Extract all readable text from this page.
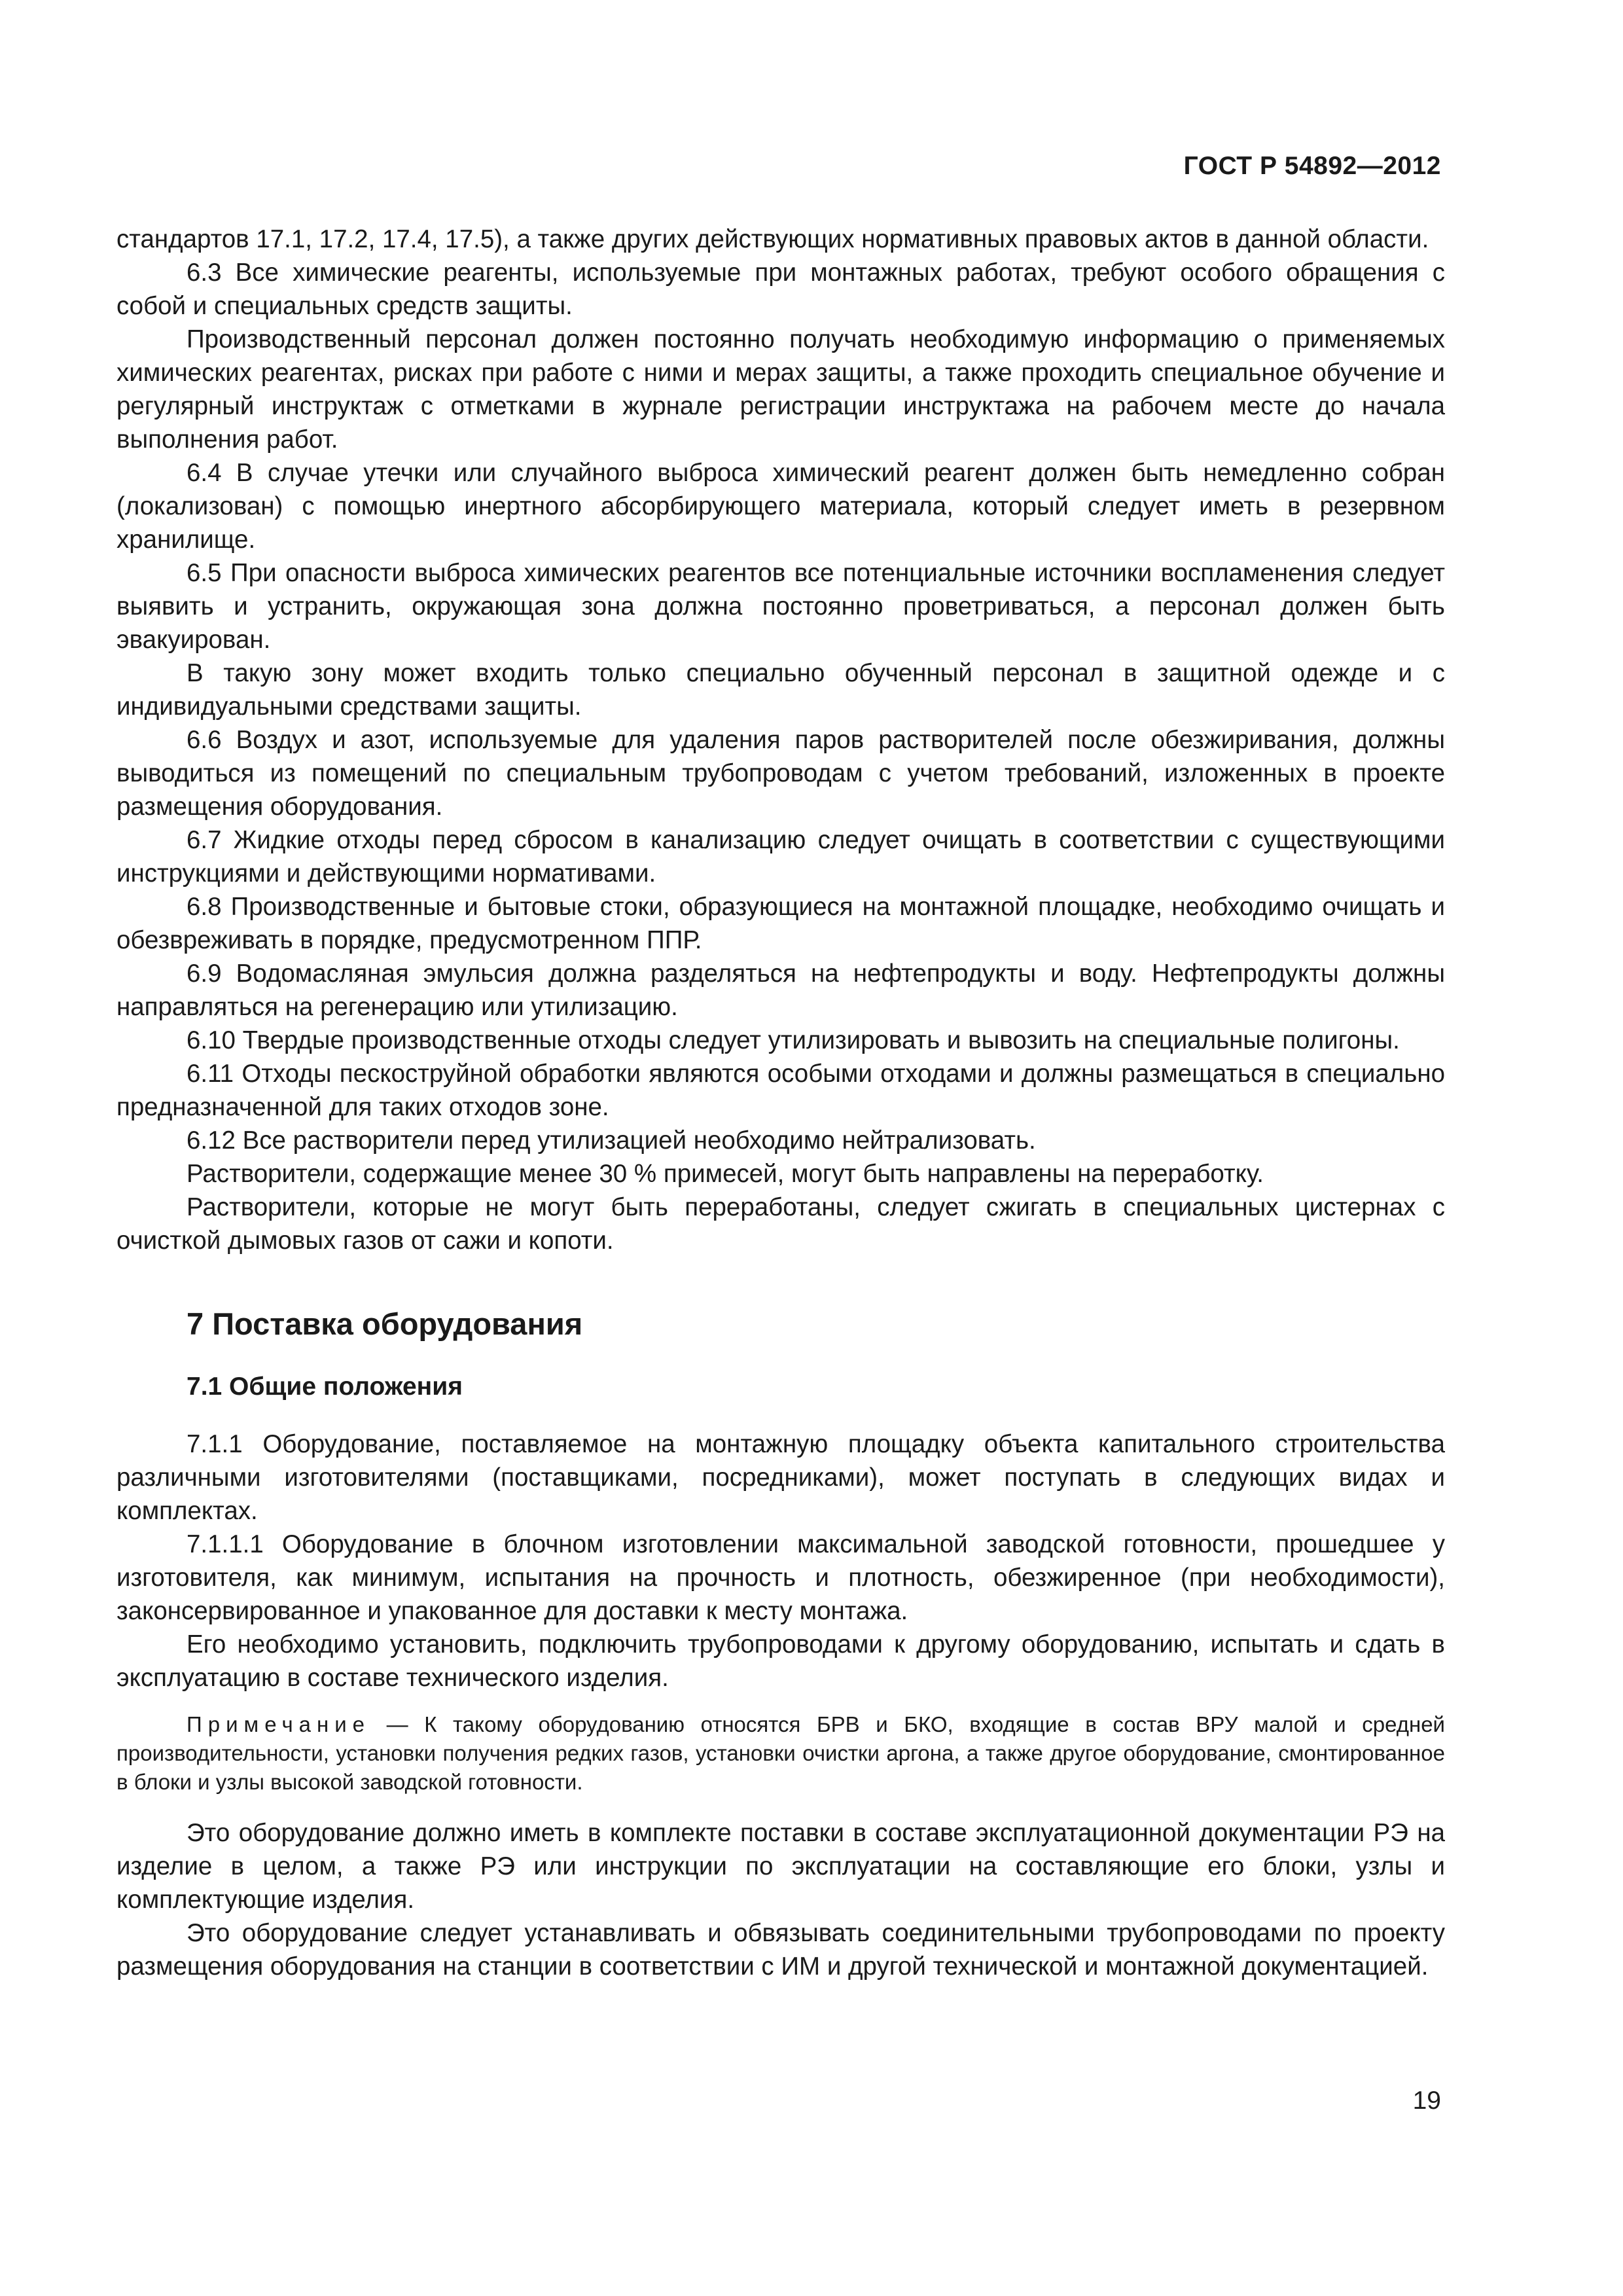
ГОСТ Р 54892—2012

стандартов 17.1, 17.2, 17.4, 17.5), а также других действующих нормативных правовых актов в данной области.

6.3 Все химические реагенты, используемые при монтажных работах, требуют особого обращения с собой и специальных средств защиты.

Производственный персонал должен постоянно получать необходимую информацию о применяемых химических реагентах, рисках при работе с ними и мерах защиты, а также проходить специальное обучение и регулярный инструктаж с отметками в журнале регистрации инструктажа на рабочем месте до начала выполнения работ.

6.4 В случае утечки или случайного выброса химический реагент должен быть немедленно собран (локализован) с помощью инертного абсорбирующего материала, который следует иметь в резервном хранилище.

6.5 При опасности выброса химических реагентов все потенциальные источники воспламенения следует выявить и устранить, окружающая зона должна постоянно проветриваться, а персонал должен быть эвакуирован.

В такую зону может входить только специально обученный персонал в защитной одежде и с индивидуальными средствами защиты.

6.6 Воздух и азот, используемые для удаления паров растворителей после обезжиривания, должны выводиться из помещений по специальным трубопроводам с учетом требований, изложенных в проекте размещения оборудования.

6.7 Жидкие отходы перед сбросом в канализацию следует очищать в соответствии с существующими инструкциями и действующими нормативами.

6.8 Производственные и бытовые стоки, образующиеся на монтажной площадке, необходимо очищать и обезвреживать в порядке, предусмотренном ППР.

6.9 Водомасляная эмульсия должна разделяться на нефтепродукты и воду. Нефтепродукты должны направляться на регенерацию или утилизацию.

6.10 Твердые производственные отходы следует утилизировать и вывозить на специальные полигоны.

6.11 Отходы пескоструйной обработки являются особыми отходами и должны размещаться в специально предназначенной для таких отходов зоне.

6.12 Все растворители перед утилизацией необходимо нейтрализовать.

Растворители, содержащие менее 30 % примесей, могут быть направлены на переработку.

Растворители, которые не могут быть переработаны, следует сжигать в специальных цистернах с очисткой дымовых газов от сажи и копоти.

7 Поставка оборудования
7.1 Общие положения

7.1.1 Оборудование, поставляемое на монтажную площадку объекта капитального строительства различными изготовителями (поставщиками, посредниками), может поступать в следующих видах и комплектах.

7.1.1.1 Оборудование в блочном изготовлении максимальной заводской готовности, прошедшее у изготовителя, как минимум, испытания на прочность и плотность, обезжиренное (при необходимости), законсервированное и упакованное для доставки к месту монтажа.

Его необходимо установить, подключить трубопроводами к другому оборудованию, испытать и сдать в эксплуатацию в составе технического изделия.

Примечание — К такому оборудованию относятся БРВ и БКО, входящие в состав ВРУ малой и средней производительности, установки получения редких газов, установки очистки аргона, а также другое оборудование, смонтированное в блоки и узлы высокой заводской готовности.

Это оборудование должно иметь в комплекте поставки в составе эксплуатационной документации РЭ на изделие в целом, а также РЭ или инструкции по эксплуатации на составляющие его блоки, узлы и комплектующие изделия.

Это оборудование следует устанавливать и обвязывать соединительными трубопроводами по проекту размещения оборудования на станции в соответствии с ИМ и другой технической и монтажной документацией.

19
